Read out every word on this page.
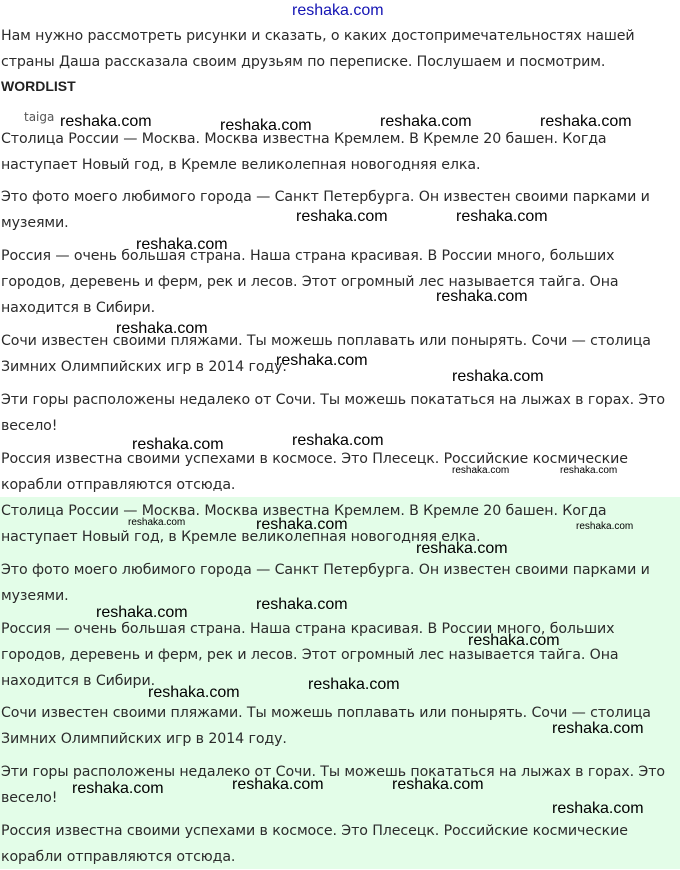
reshaka.com

Нам нужно рассмотреть рисунки и сказать, о каких достопримечательностях нашей страны Даша рассказала своим друзьям по переписке. Послушаем и посмотрим.

WORDLIST
taiga

Столица России — Москва. Москва известна Кремлем. В Кремле 20 башен. Когда наступает Новый год, в Кремле великолепная новогодняя елка.

Это фото моего любимого города — Санкт Петербурга. Он известен своими парками и музеями.

Россия — очень большая страна. Наша страна красивая. В России много, больших городов, деревень и ферм, рек и лесов. Этот огромный лес называется тайга. Она находится в Сибири.

Сочи известен своими пляжами. Ты можешь поплавать или понырять. Сочи — столица Зимних Олимпийских игр в 2014 году.

Эти горы расположены недалеко от Сочи. Ты можешь покататься на лыжах в горах. Это весело!

Россия известна своими успехами в космосе. Это Плесецк. Российские космические корабли отправляются отсюда.

Столица России — Москва. Москва известна Кремлем. В Кремле 20 башен. Когда наступает Новый год, в Кремле великолепная новогодняя елка.

Это фото моего любимого города — Санкт Петербурга. Он известен своими парками и музеями.

Россия — очень большая страна. Наша страна красивая. В России много, больших городов, деревень и ферм, рек и лесов. Этот огромный лес называется тайга. Она находится в Сибири.

Сочи известен своими пляжами. Ты можешь поплавать или понырять. Сочи — столица Зимних Олимпийских игр в 2014 году.

Эти горы расположены недалеко от Сочи. Ты можешь покататься на лыжах в горах. Это весело!

Россия известна своими успехами в космосе. Это Плесецк. Российские космические корабли отправляются отсюда.

reshaka.com	reshaka.com	reshaka.com	reshaka.com
reshaka.com	reshaka.com
reshaka.com
reshaka.com
reshaka.com
reshaka.com
reshaka.com
reshaka.com
reshaka.com
reshaka.com	reshaka.com
reshaka.com	reshaka.com	reshaka.com
reshaka.com
reshaka.com
reshaka.com
reshaka.com
reshaka.com
reshaka.com
reshaka.com
reshaka.com	reshaka.com
reshaka.com
reshaka.com
